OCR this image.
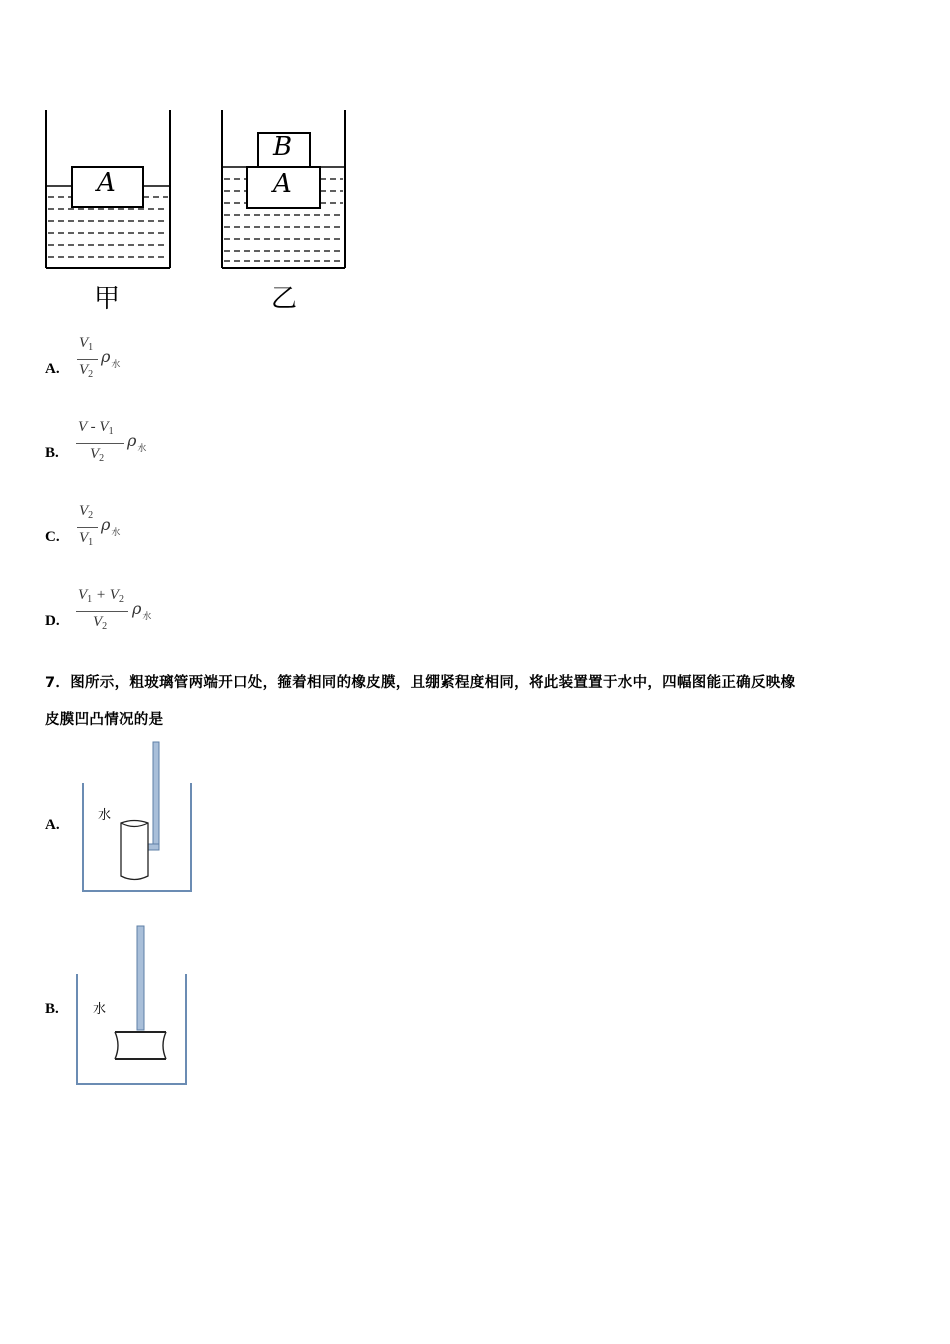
A
B
A
甲	乙
A.
$V_1$
$V_2$
$\rho_水$
B.
V - $V_1$
$V_2$
$\rho_水$
C.
$V_2$
$V_1$
$\rho_水$
D.
$V_1 + V_2$
$V_2$
$\rho_水$
7．图所示，粗玻璃管两端开口处，箍着相同的橡皮膜，且绷紧程度相同，将此装置置于水中，四幅图能正确反映橡
皮膜凹凸情况的是
A.
水
B.	水
